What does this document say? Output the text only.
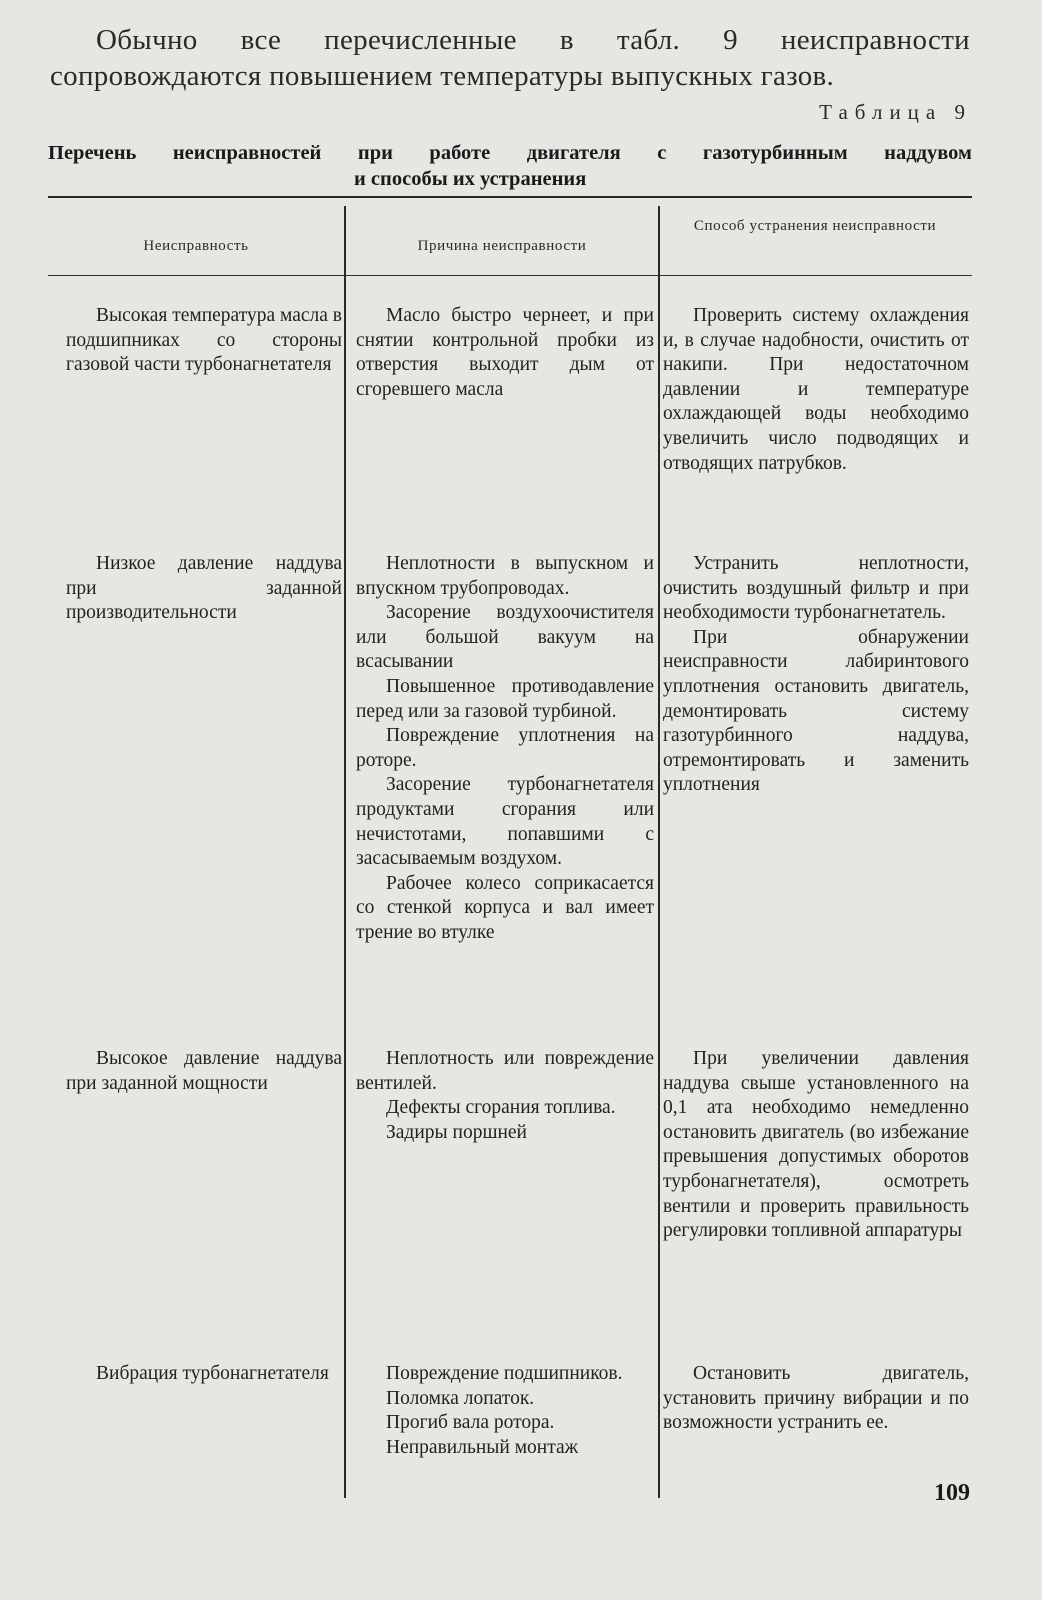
Обычно все перечисленные в табл. 9 неисправности сопровождаются повышением температуры выпускных газов.
Таблица 9
Перечень неисправностей при работе двигателя с газотурбинным наддувом
и способы их устранения
Неисправность	Причина неисправности
Способ устранения неисправности

Высокая температура масла в подшипниках со стороны газовой части турбонагнетателя

Масло быстро чернеет, и при снятии контрольной пробки из отверстия выходит дым от сгоревшего масла

Проверить систему охлаждения и, в случае надобности, очистить от накипи. При недостаточном давлении и температуре охлаждающей воды необходимо увеличить число подводящих и отводящих патрубков.

Низкое давление наддува при заданной производительности

Неплотности в выпускном и впускном трубопроводах.

Засорение воздухоочистителя или большой вакуум на всасывании

Повышенное противодавление перед или за газовой турбиной.

Повреждение уплотнения на роторе.

Засорение турбонагнетателя продуктами сгорания или нечистотами, попавшими с засасываемым воздухом.

Рабочее колесо соприкасается со стенкой корпуса и вал имеет трение во втулке

Устранить неплотности, очистить воздушный фильтр и при необходимости турбонагнетатель.

При обнаружении неисправности лабиринтового уплотнения остановить двигатель, демонтировать систему газотурбинного наддува, отремонтировать и заменить уплотнения

Высокое давление наддува при заданной мощности

Неплотность или повреждение вентилей.

Дефекты сгорания топлива.

Задиры поршней

При увеличении давления наддува свыше установленного на 0,1 ата необходимо немедленно остановить двигатель (во избежание превышения допустимых оборотов турбонагнетателя), осмотреть вентили и проверить правильность регулировки топливной аппаратуры

Вибрация турбонагнетателя	Повреждение подшипников.

Поломка лопаток.

Прогиб вала ротора.

Неправильный монтаж

Остановить двигатель, установить причину вибрации и по возможности устранить ее.

109
